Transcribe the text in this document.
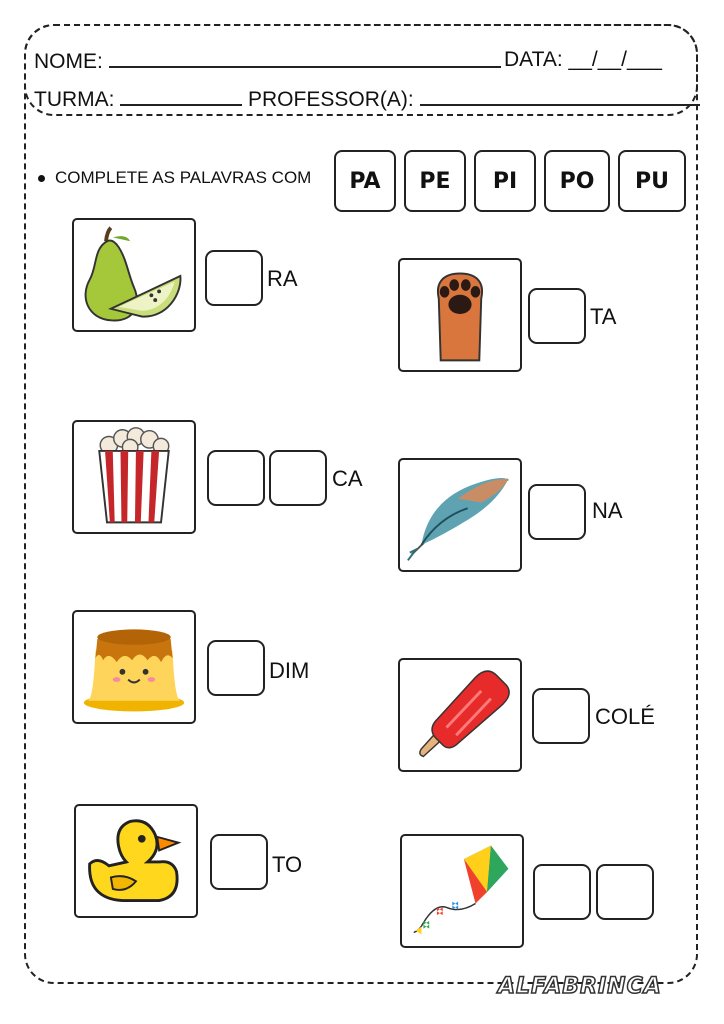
NOME:	DATA: __/__/___
TURMA:	PROFESSOR(A):
COMPLETE AS PALAVRAS COM	PA	PE	PI	PO	PU
RA
TA
CA
NA
DIM
COLÉ
TO
ALFABRINCA
